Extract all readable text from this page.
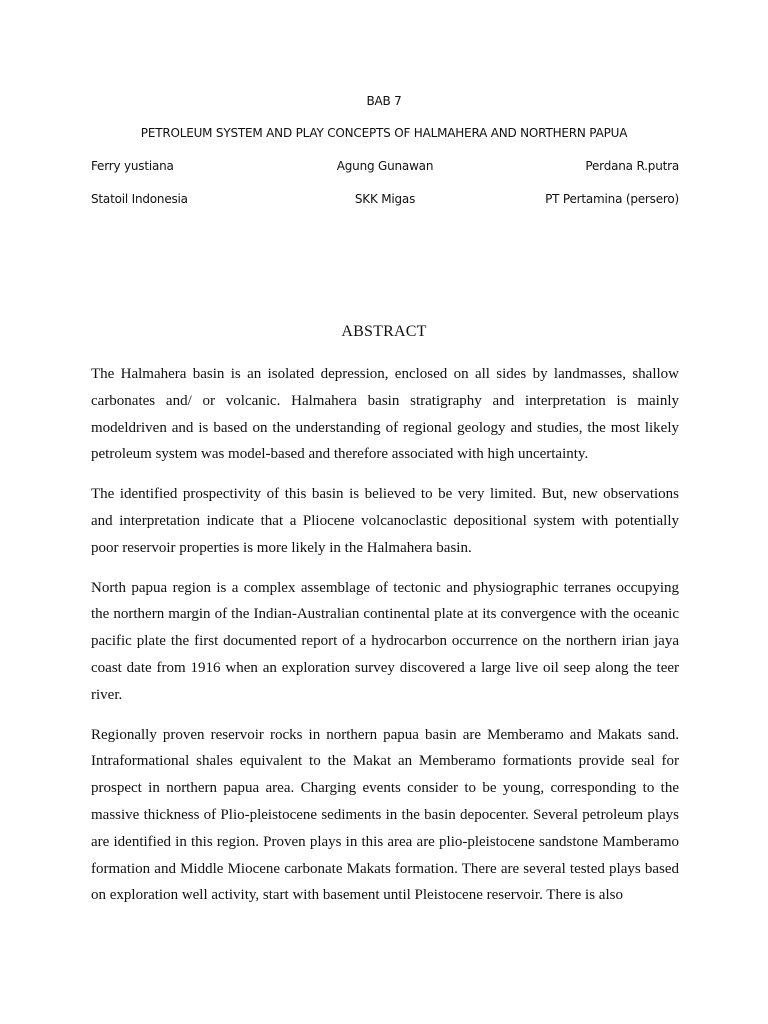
BAB 7
PETROLEUM SYSTEM AND PLAY CONCEPTS OF HALMAHERA AND NORTHERN PAPUA
Ferry yustiana	Agung Gunawan	Perdana R.putra
Statoil Indonesia	SKK Migas	PT Pertamina (persero)
ABSTRACT

The Halmahera basin is an isolated depression, enclosed on all sides by landmasses, shallow carbonates and/ or volcanic. Halmahera basin stratigraphy and interpretation is mainly modeldriven and is based on the understanding of regional geology and studies, the most likely petroleum system was model-based and therefore associated with high uncertainty.

The identified prospectivity of this basin is believed to be very limited. But, new observations and interpretation indicate that a Pliocene volcanoclastic depositional system with potentially poor reservoir properties is more likely in the Halmahera basin.

North papua region is a complex assemblage of tectonic and physiographic terranes occupying the northern margin of the Indian-Australian continental plate at its convergence with the oceanic pacific plate the first documented report of a hydrocarbon occurrence on the northern irian jaya coast date from 1916 when an exploration survey discovered a large live oil seep along the teer river.

Regionally proven reservoir rocks in northern papua basin are Memberamo and Makats sand. Intraformational shales equivalent to the Makat an Memberamo formationts provide seal for prospect in northern papua area. Charging events consider to be young, corresponding to the massive thickness of Plio-pleistocene sediments in the basin depocenter. Several petroleum plays are identified in this region. Proven plays in this area are plio-pleistocene sandstone Mamberamo formation and Middle Miocene carbonate Makats formation. There are several tested plays based on exploration well activity, start with basement until Pleistocene reservoir. There is also
